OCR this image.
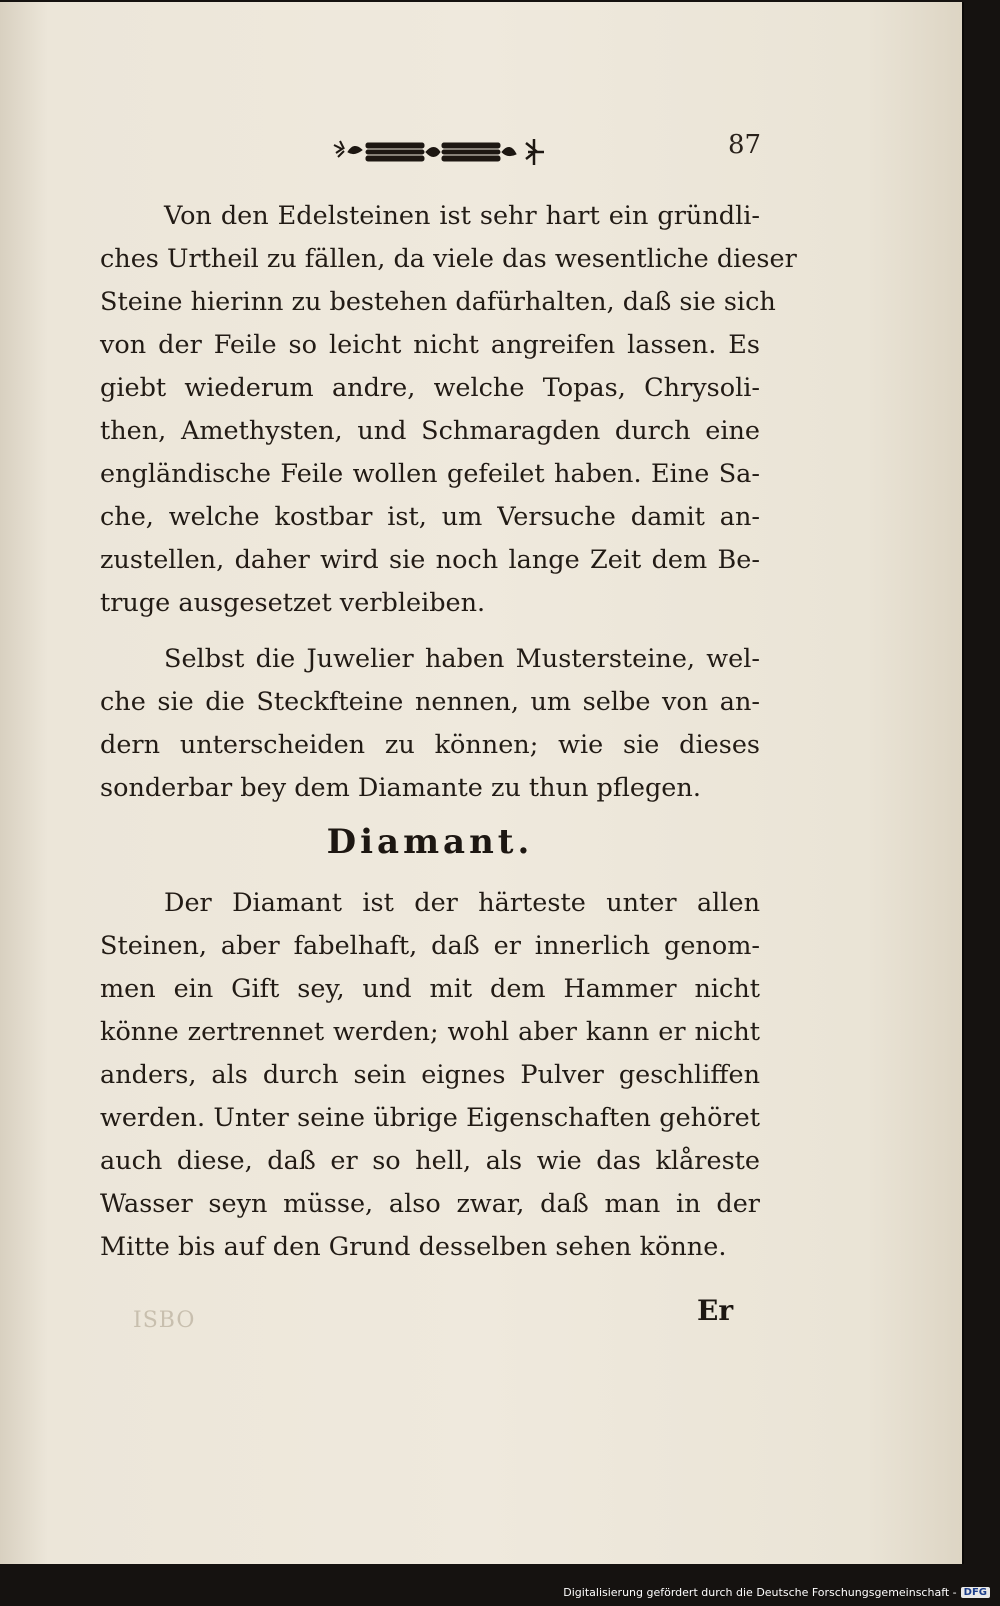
87
Von den Edelsteinen ist sehr hart ein gründli-
ches Urtheil zu fällen, da viele das wesentliche dieser
Steine hierinn zu bestehen dafürhalten, daß sie sich
von der Feile so leicht nicht angreifen lassen. Es
giebt wiederum andre, welche Topas, Chrysoli-
then, Amethysten, und Schmaragden durch eine
engländische Feile wollen gefeilet haben. Eine Sa-
che, welche kostbar ist, um Versuche damit an-
zustellen, daher wird sie noch lange Zeit dem Be-
truge ausgesetzet verbleiben.
Selbst die Juwelier haben Mustersteine, wel-
che sie die Steckfteine nennen, um selbe von an-
dern unterscheiden zu können; wie sie dieses
sonderbar bey dem Diamante zu thun pflegen.
Diamant.
Der Diamant ist der härteste unter allen
Steinen, aber fabelhaft, daß er innerlich genom-
men ein Gift sey, und mit dem Hammer nicht
könne zertrennet werden; wohl aber kann er nicht
anders, als durch sein eignes Pulver geschliffen
werden. Unter seine übrige Eigenschaften gehöret
auch diese, daß er so hell, als wie das klåreste
Wasser seyn müsse, also zwar, daß man in der
Mitte bis auf den Grund desselben sehen könne.
ISBO	Er
Digitalisierung gefördert durch die Deutsche Forschungsgemeinschaft - DFG
